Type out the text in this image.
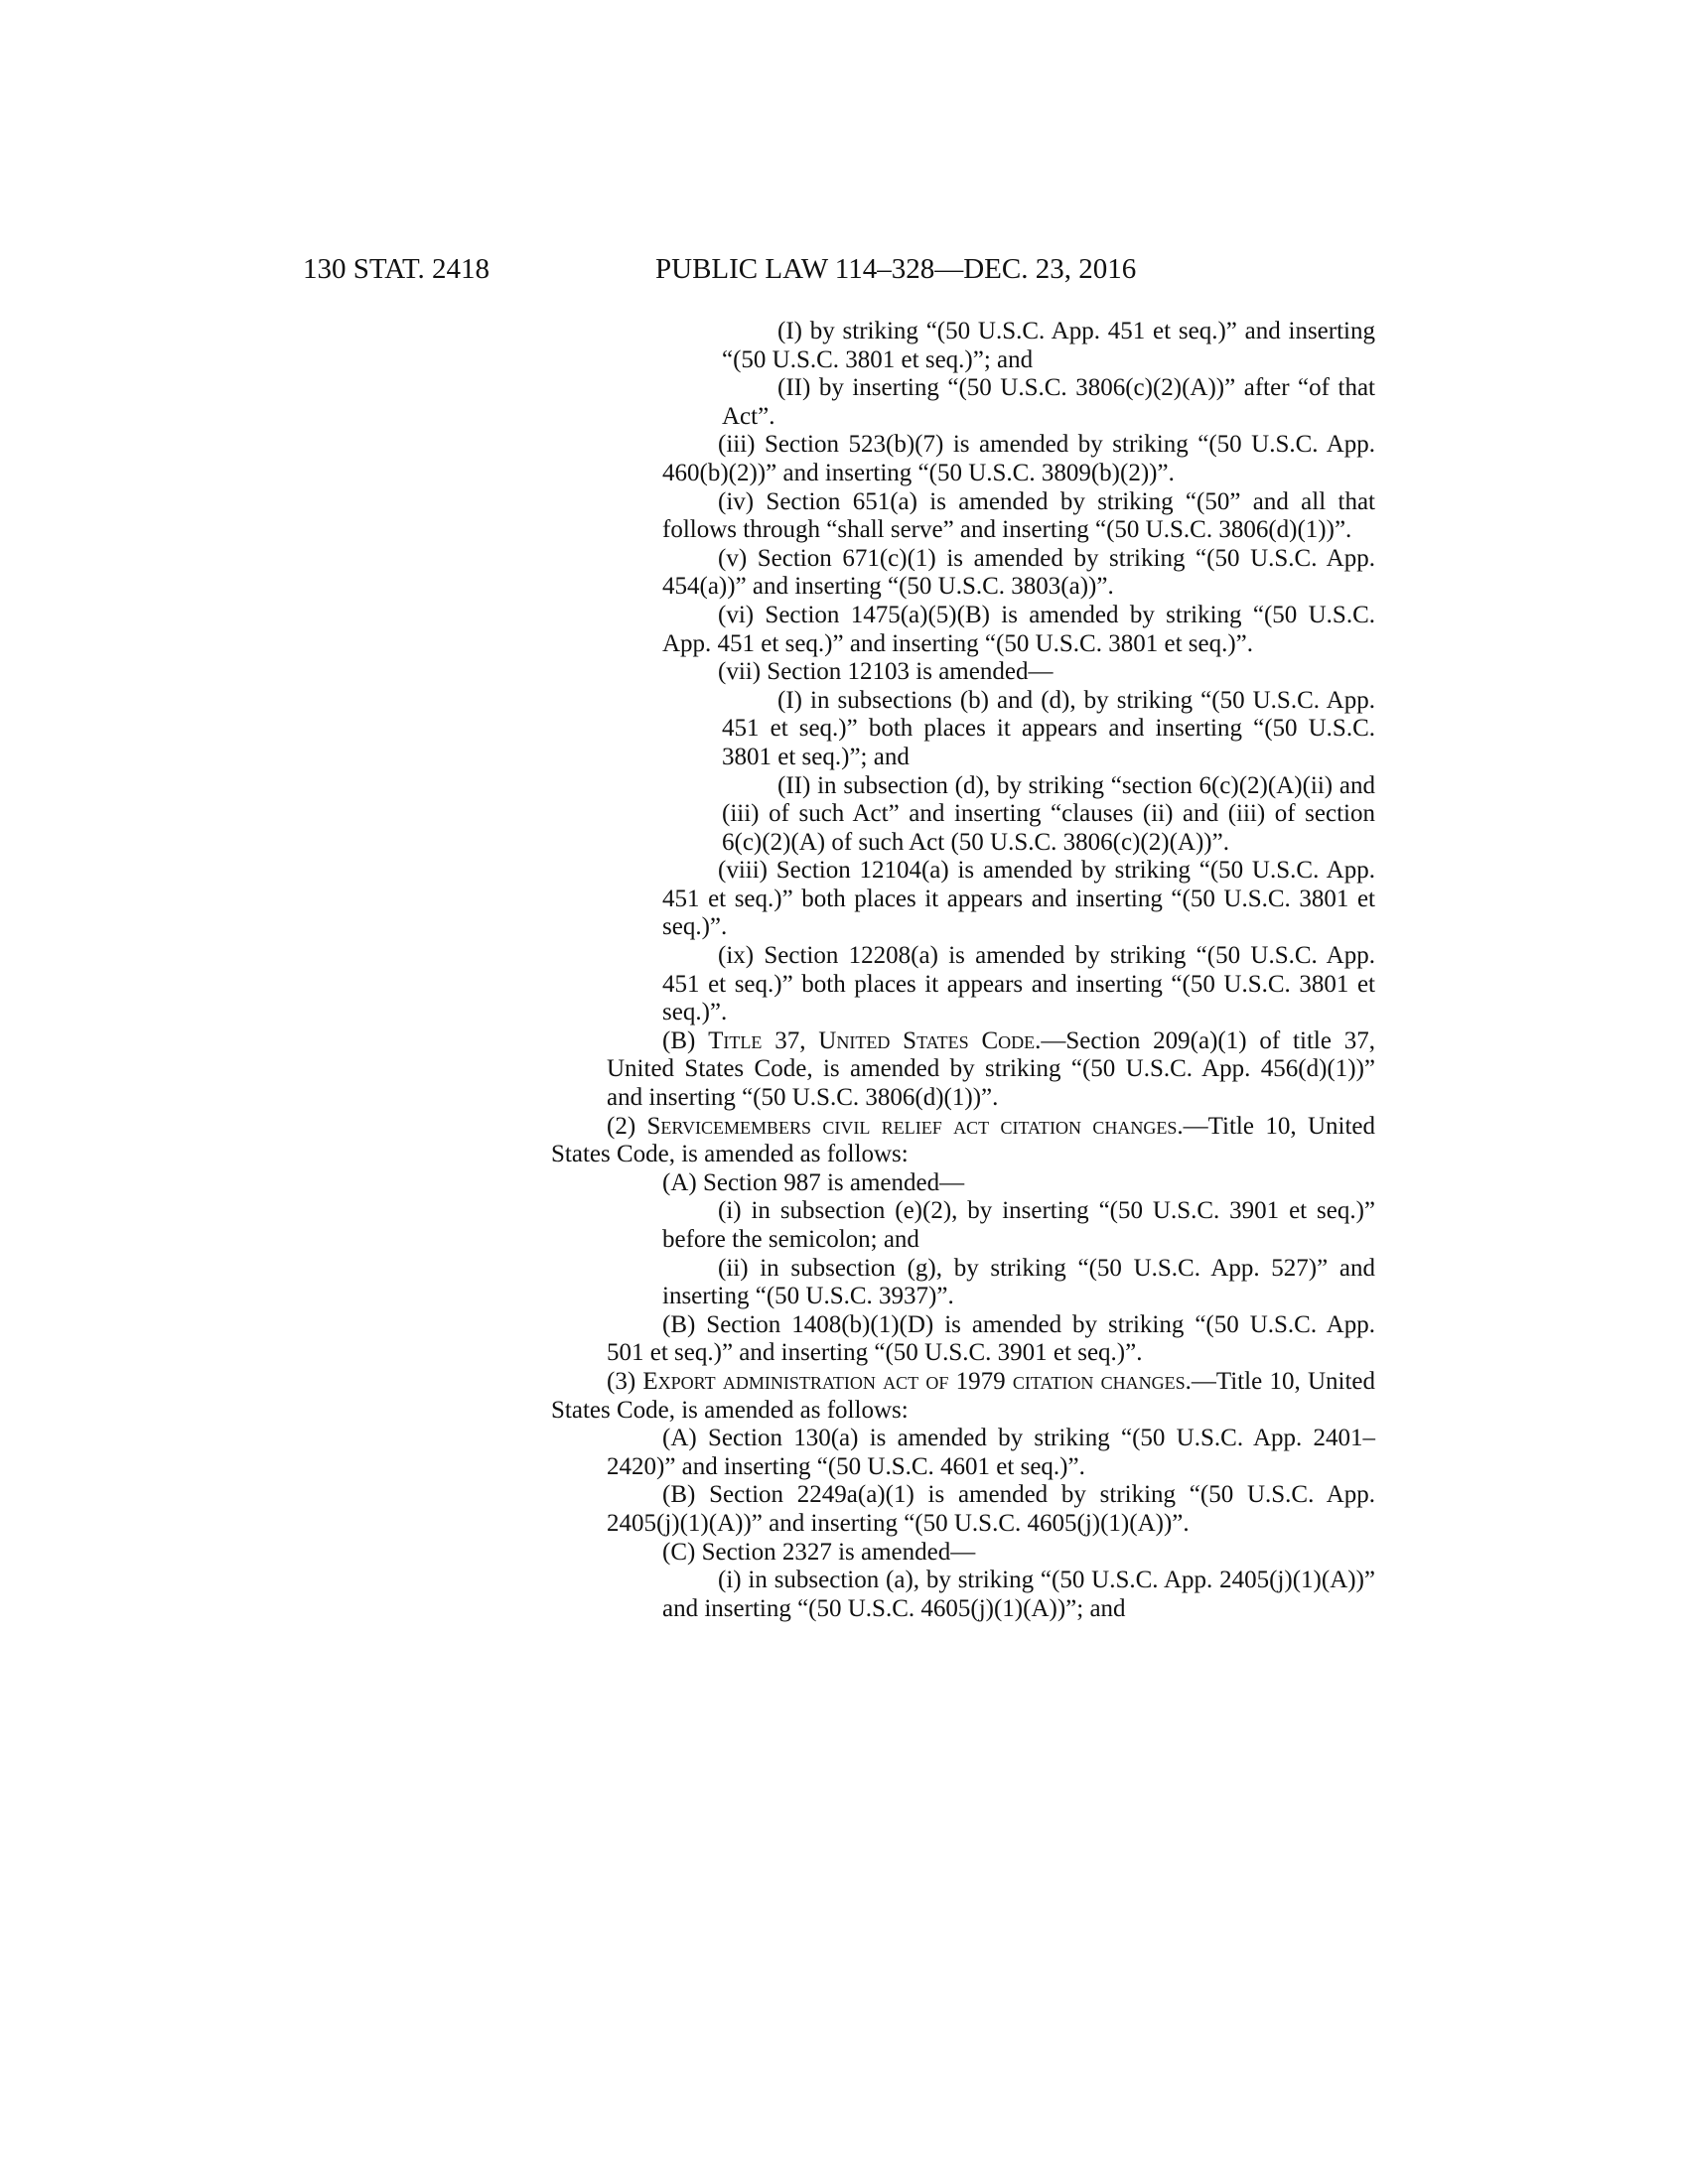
130 STAT. 2418	PUBLIC LAW 114–328—DEC. 23, 2016

(I) by striking “(50 U.S.C. App. 451 et seq.)” and inserting “(50 U.S.C. 3801 et seq.)”; and

(II) by inserting “(50 U.S.C. 3806(c)(2)(A))” after “of that Act”.

(iii) Section 523(b)(7) is amended by striking “(50 U.S.C. App. 460(b)(2))” and inserting “(50 U.S.C. 3809(b)(2))”.

(iv) Section 651(a) is amended by striking “(50” and all that follows through “shall serve” and inserting “(50 U.S.C. 3806(d)(1))”.

(v) Section 671(c)(1) is amended by striking “(50 U.S.C. App. 454(a))” and inserting “(50 U.S.C. 3803(a))”.

(vi) Section 1475(a)(5)(B) is amended by striking “(50 U.S.C. App. 451 et seq.)” and inserting “(50 U.S.C. 3801 et seq.)”.

(vii) Section 12103 is amended—

(I) in subsections (b) and (d), by striking “(50 U.S.C. App. 451 et seq.)” both places it appears and inserting “(50 U.S.C. 3801 et seq.)”; and

(II) in subsection (d), by striking “section 6(c)(2)(A)(ii) and (iii) of such Act” and inserting “clauses (ii) and (iii) of section 6(c)(2)(A) of such Act (50 U.S.C. 3806(c)(2)(A))”.

(viii) Section 12104(a) is amended by striking “(50 U.S.C. App. 451 et seq.)” both places it appears and inserting “(50 U.S.C. 3801 et seq.)”.

(ix) Section 12208(a) is amended by striking “(50 U.S.C. App. 451 et seq.)” both places it appears and inserting “(50 U.S.C. 3801 et seq.)”.

(B) Title 37, United States Code.—Section 209(a)(1) of title 37, United States Code, is amended by striking “(50 U.S.C. App. 456(d)(1))” and inserting “(50 U.S.C. 3806(d)(1))”.

(2) Servicemembers civil relief act citation changes.—Title 10, United States Code, is amended as follows:

(A) Section 987 is amended—

(i) in subsection (e)(2), by inserting “(50 U.S.C. 3901 et seq.)” before the semicolon; and

(ii) in subsection (g), by striking “(50 U.S.C. App. 527)” and inserting “(50 U.S.C. 3937)”.

(B) Section 1408(b)(1)(D) is amended by striking “(50 U.S.C. App. 501 et seq.)” and inserting “(50 U.S.C. 3901 et seq.)”.

(3) Export administration act of 1979 citation changes.—Title 10, United States Code, is amended as follows:

(A) Section 130(a) is amended by striking “(50 U.S.C. App. 2401–2420)” and inserting “(50 U.S.C. 4601 et seq.)”.

(B) Section 2249a(a)(1) is amended by striking “(50 U.S.C. App. 2405(j)(1)(A))” and inserting “(50 U.S.C. 4605(j)(1)(A))”.

(C) Section 2327 is amended—

(i) in subsection (a), by striking “(50 U.S.C. App. 2405(j)(1)(A))” and inserting “(50 U.S.C. 4605(j)(1)(A))”; and
